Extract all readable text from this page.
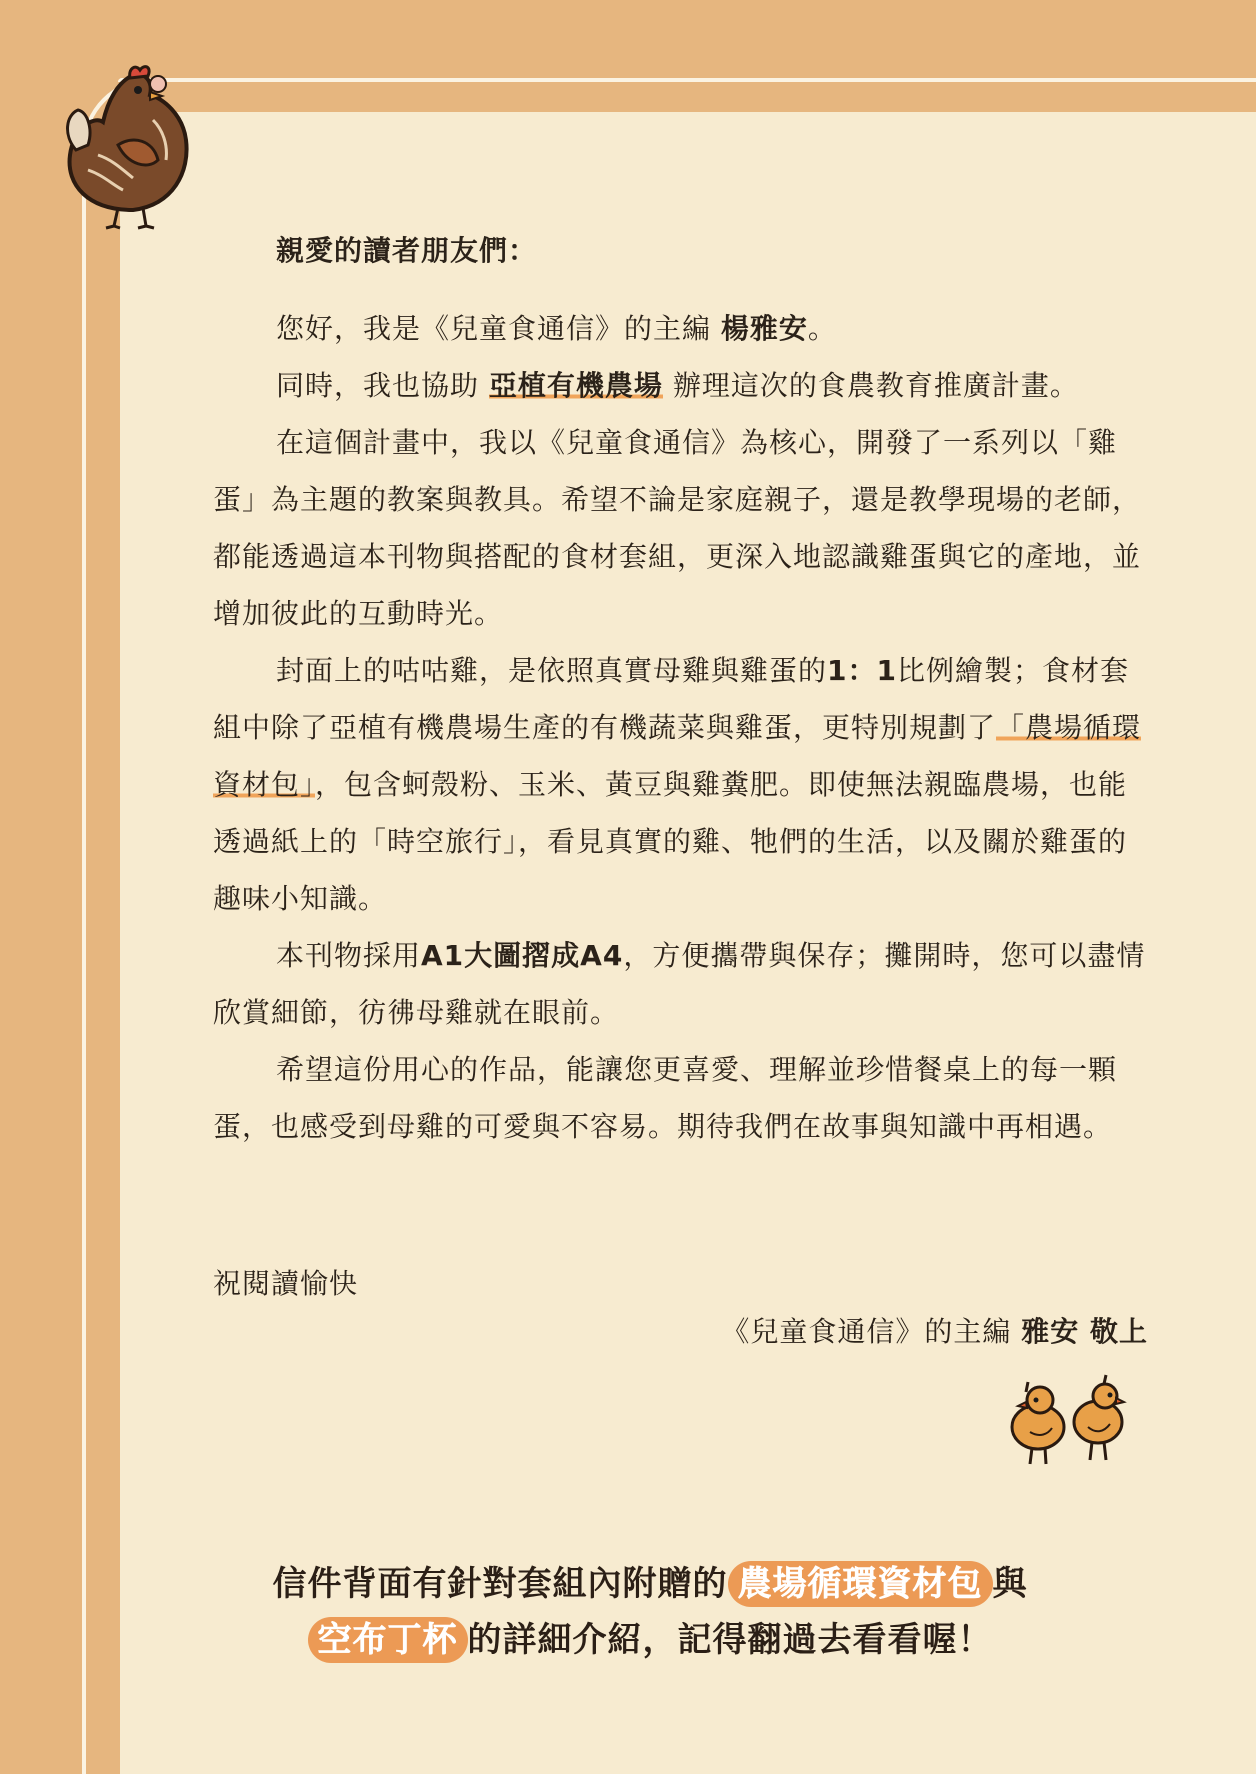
親愛的讀者朋友們：

您好，我是《兒童食通信》的主編 楊雅安。

同時，我也協助 亞植有機農場 辦理這次的食農教育推廣計畫。

在這個計畫中，我以《兒童食通信》為核心，開發了一系列以「雞蛋」為主題的教案與教具。希望不論是家庭親子，還是教學現場的老師，都能透過這本刊物與搭配的食材套組，更深入地認識雞蛋與它的產地，並增加彼此的互動時光。

封面上的咕咕雞，是依照真實母雞與雞蛋的1：1比例繪製；食材套組中除了亞植有機農場生產的有機蔬菜與雞蛋，更特別規劃了「農場循環資材包」，包含蚵殼粉、玉米、黃豆與雞糞肥。即使無法親臨農場，也能透過紙上的「時空旅行」，看見真實的雞、牠們的生活，以及關於雞蛋的趣味小知識。

本刊物採用A1大圖摺成A4，方便攜帶與保存；攤開時，您可以盡情欣賞細節，彷彿母雞就在眼前。

希望這份用心的作品，能讓您更喜愛、理解並珍惜餐桌上的每一顆蛋，也感受到母雞的可愛與不容易。期待我們在故事與知識中再相遇。

祝閱讀愉快
《兒童食通信》的主編 雅安 敬上
信件背面有針對套組內附贈的 農場循環資材包 與
空布丁杯 的詳細介紹，記得翻過去看看喔！
